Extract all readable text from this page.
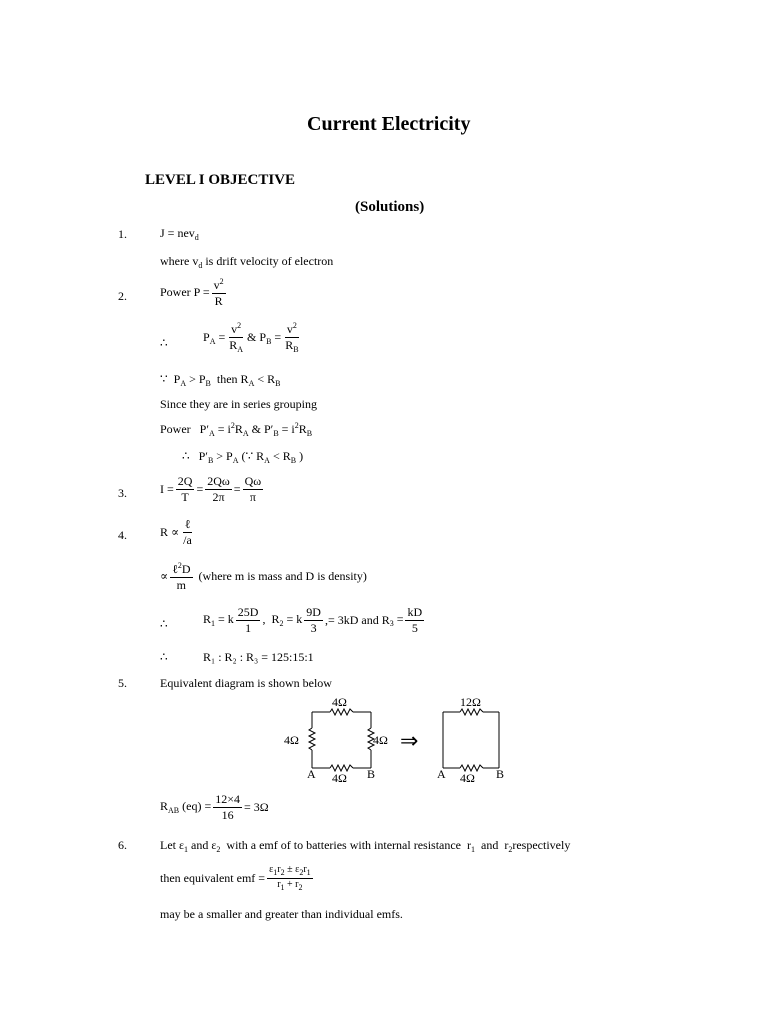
Current Electricity
LEVEL I OBJECTIVE
(Solutions)
1.	J = nev$_d$
where $v_d$ is drift velocity of electron
2.	Power $P = \frac{v^2}{R}$
∴	$P_A = \frac{v^2}{R_A}$ & $P_B = \frac{v^2}{R_B}$
∵  $P_A > P_B$  then $R_A < R_B$
Since they are in series grouping
Power   $P'_A = i^2R_A$ & $P'_B = i^2R_B$
∴   $P'_B > P_A$ (∵ $R_A < R_B$ )
3.	$I = \frac{2Q}{T} = \frac{2Q\omega}{2\pi} = \frac{Q\omega}{\pi}$
4.	$R \propto \frac{\text{ℓ}}{/a}$
∝ $\frac{\ell^2D}{m}$ (where m is mass and D is density)
∴	$R_1 = k \frac{25D}{1}$ ,  $R_2 = k \frac{9D}{3}$ ,= 3kD and R $_3 = \frac{kD}{5}$
∴	R₁ : R₂ : R₃ = 125:15:1
5.	Equivalent diagram is shown below
4Ω
4Ω	4Ω
4Ω
A	B
12Ω
4Ω
A	B
⇒
$R_{AB}$ $(eq) = \frac{12\times 4}{16} = 3\Omega$
6.	Let $\varepsilon_1$ and $\varepsilon_2$ with a emf of to batteries with internal resistance  $r_1$  and  $r_2respectively$
then equivalent emf = $\frac{\varepsilon_1r_2 \pm \varepsilon_2r_1}{r_1 + r_2}$
may be a smaller and greater than individual emfs.
